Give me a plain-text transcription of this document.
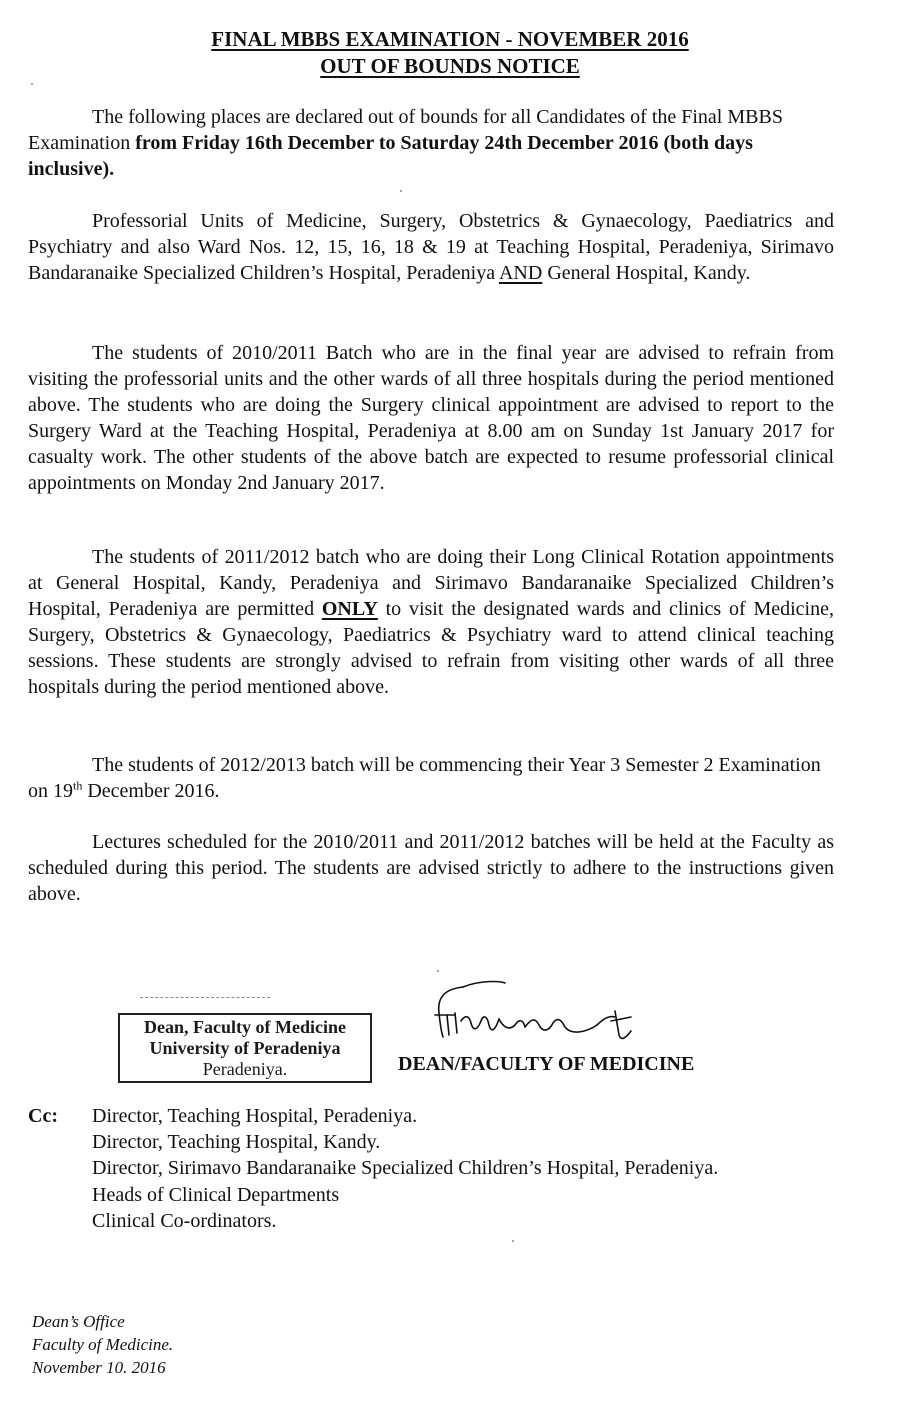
FINAL MBBS EXAMINATION - NOVEMBER 2016
OUT OF BOUNDS NOTICE

The following places are declared out of bounds for all Candidates of the Final MBBS Examination from Friday 16th December to Saturday 24th December 2016 (both days inclusive).

Professorial Units of Medicine, Surgery, Obstetrics & Gynaecology, Paediatrics and Psychiatry and also Ward Nos. 12, 15, 16, 18 & 19 at Teaching Hospital, Peradeniya, Sirimavo Bandaranaike Specialized Children’s Hospital, Peradeniya AND General Hospital, Kandy.

The students of 2010/2011 Batch who are in the final year are advised to refrain from visiting the professorial units and the other wards of all three hospitals during the period mentioned above. The students who are doing the Surgery clinical appointment are advised to report to the Surgery Ward at the Teaching Hospital, Peradeniya at 8.00 am on Sunday 1st January 2017 for casualty work. The other students of the above batch are expected to resume professorial clinical appointments on Monday 2nd January 2017.

The students of 2011/2012 batch who are doing their Long Clinical Rotation appointments at General Hospital, Kandy, Peradeniya and Sirimavo Bandaranaike Specialized Children’s Hospital, Peradeniya are permitted ONLY to visit the designated wards and clinics of Medicine, Surgery, Obstetrics & Gynaecology, Paediatrics & Psychiatry ward to attend clinical teaching sessions. These students are strongly advised to refrain from visiting other wards of all three hospitals during the period mentioned above.

The students of 2012/2013 batch will be commencing their Year 3 Semester 2 Examination on 19th December 2016.

Lectures scheduled for the 2010/2011 and 2011/2012 batches will be held at the Faculty as scheduled during this period. The students are advised strictly to adhere to the instructions given above.

Dean, Faculty of Medicine
University of Peradeniya
Peradeniya.	DEAN/FACULTY OF MEDICINE
Cc: Director, Teaching Hospital, Peradeniya.
Director, Teaching Hospital, Kandy.
Director, Sirimavo Bandaranaike Specialized Children’s Hospital, Peradeniya.
Heads of Clinical Departments
Clinical Co-ordinators.
Dean’s Office
Faculty of Medicine.
November 10. 2016
